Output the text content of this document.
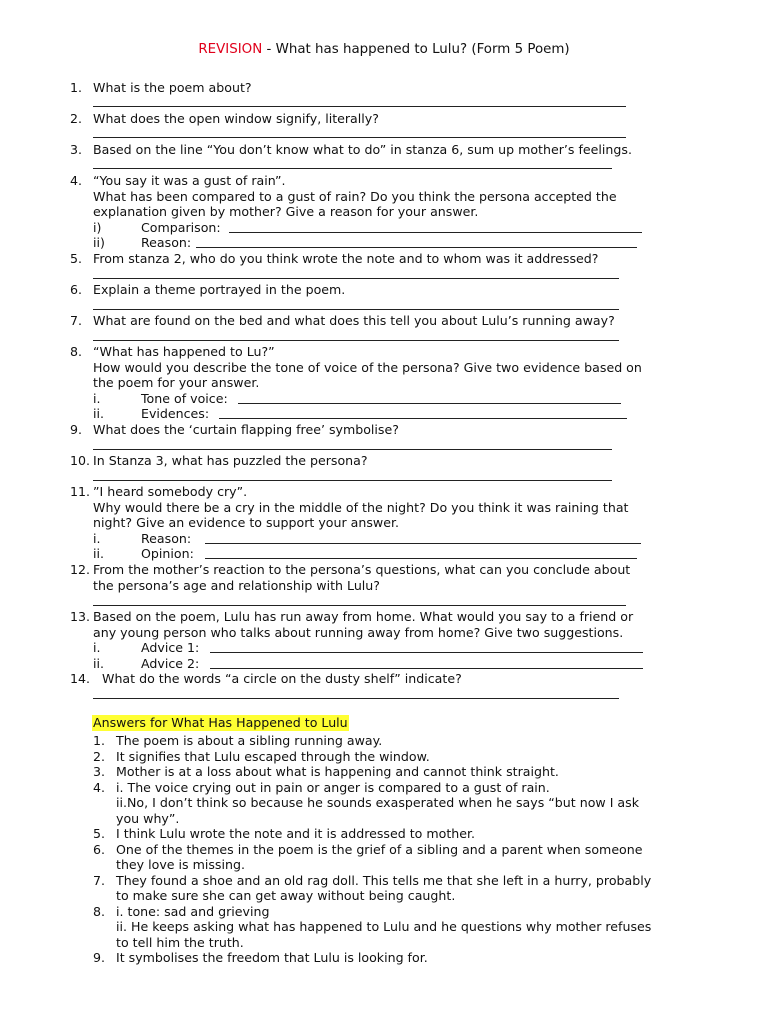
REVISION - What has happened to Lulu? (Form 5 Poem)
1. What is the poem about?
2. What does the open window signify, literally?
3. Based on the line “You don’t know what to do” in stanza 6, sum up mother’s feelings.
4. “You say it was a gust of rain”.
What has been compared to a gust of rain? Do you think the persona accepted the
explanation given by mother? Give a reason for your answer.
i)	Comparison:
ii)	Reason:
5. From stanza 2, who do you think wrote the note and to whom was it addressed?
6. Explain a theme portrayed in the poem.
7. What are found on the bed and what does this tell you about Lulu’s running away?
8. “What has happened to Lu?”
How would you describe the tone of voice of the persona? Give two evidence based on
the poem for your answer.
i.	Tone of voice:
ii.	Evidences:
9. What does the ‘curtain flapping free’ symbolise?
10. In Stanza 3, what has puzzled the persona?
11. ”I heard somebody cry”.
Why would there be a cry in the middle of the night? Do you think it was raining that
night? Give an evidence to support your answer.
i.	Reason:
ii.	Opinion:
12. From the mother’s reaction to the persona’s questions, what can you conclude about
the persona’s age and relationship with Lulu?
13. Based on the poem, Lulu has run away from home. What would you say to a friend or
any young person who talks about running away from home? Give two suggestions.
i.	Advice 1:
ii.	Advice 2:
14. What do the words “a circle on the dusty shelf” indicate?
Answers for What Has Happened to Lulu
1. The poem is about a sibling running away.
2. It signifies that Lulu escaped through the window.
3. Mother is at a loss about what is happening and cannot think straight.
4. i. The voice crying out in pain or anger is compared to a gust of rain.
ii.No, I don’t think so because he sounds exasperated when he says “but now I ask
you why”.
5. I think Lulu wrote the note and it is addressed to mother.
6. One of the themes in the poem is the grief of a sibling and a parent when someone
they love is missing.
7. They found a shoe and an old rag doll. This tells me that she left in a hurry, probably
to make sure she can get away without being caught.
8. i. tone: sad and grieving
ii. He keeps asking what has happened to Lulu and he questions why mother refuses
to tell him the truth.
9. It symbolises the freedom that Lulu is looking for.
